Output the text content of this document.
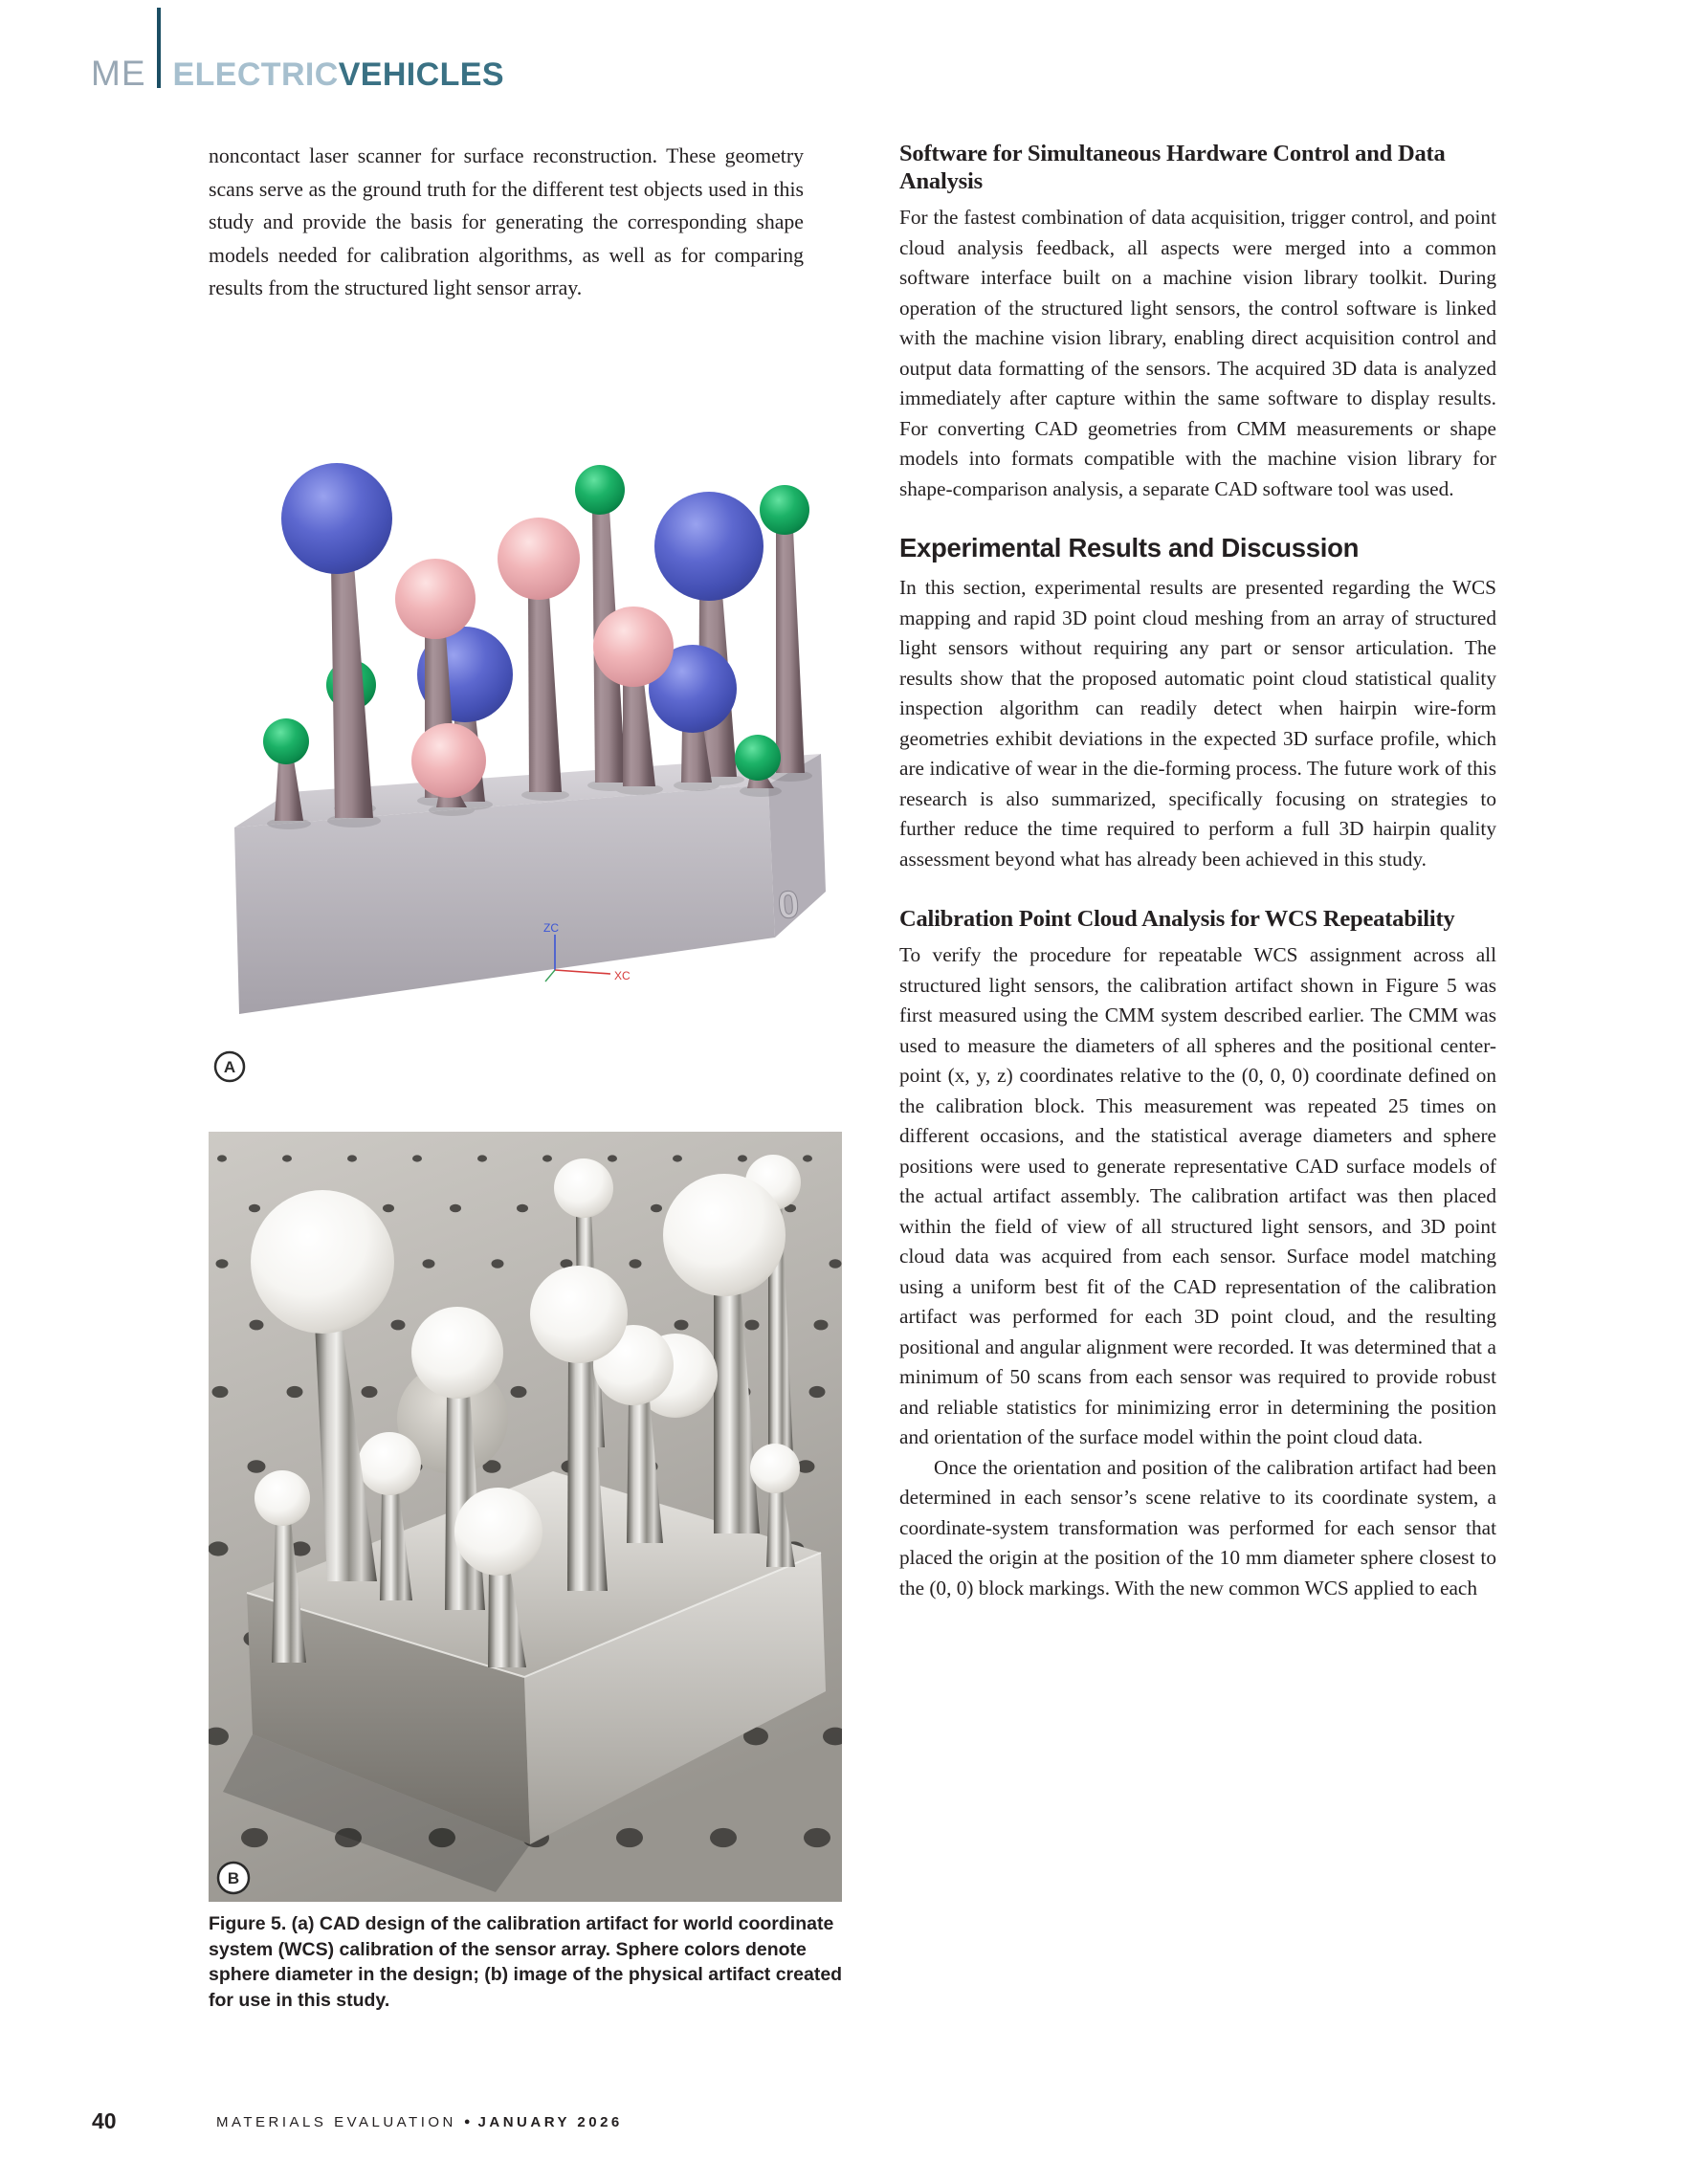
ME ELECTRICVEHICLES

noncontact laser scanner for surface reconstruction. These geometry scans serve as the ground truth for the different test objects used in this study and provide the basis for generating the corresponding shape models needed for calibration algorithms, as well as for comparing results from the structured light sensor array.

ZC
XC
0
A
B
Figure 5. (a) CAD design of the calibration artifact for world coordinate system (WCS) calibration of the sensor array. Sphere colors denote sphere diameter in the design; (b) image of the physical artifact created for use in this study.
Software for Simultaneous Hardware Control and Data Analysis

For the fastest combination of data acquisition, trigger control, and point cloud analysis feedback, all aspects were merged into a common software interface built on a machine vision library toolkit. During operation of the structured light sensors, the control software is linked with the machine vision library, enabling direct acquisition control and output data formatting of the sensors. The acquired 3D data is analyzed immediately after capture within the same software to display results. For converting CAD geometries from CMM measurements or shape models into formats compatible with the machine vision library for shape-comparison analysis, a separate CAD software tool was used.

Experimental Results and Discussion

In this section, experimental results are presented regarding the WCS mapping and rapid 3D point cloud meshing from an array of structured light sensors without requiring any part or sensor articulation. The results show that the proposed automatic point cloud statistical quality inspection algorithm can readily detect when hairpin wire-form geometries exhibit deviations in the expected 3D surface profile, which are indicative of wear in the die-forming process. The future work of this research is also summarized, specifically focusing on strategies to further reduce the time required to perform a full 3D hairpin quality assessment beyond what has already been achieved in this study.

Calibration Point Cloud Analysis for WCS Repeatability

To verify the procedure for repeatable WCS assignment across all structured light sensors, the calibration artifact shown in Figure 5 was first measured using the CMM system described earlier. The CMM was used to measure the diameters of all spheres and the positional center-point (x, y, z) coordinates relative to the (0, 0, 0) coordinate defined on the calibration block. This measurement was repeated 25 times on different occasions, and the statistical average diameters and sphere positions were used to generate representative CAD surface models of the actual artifact assembly. The calibration artifact was then placed within the field of view of all structured light sensors, and 3D point cloud data was acquired from each sensor. Surface model matching using a uniform best fit of the CAD representation of the calibration artifact was performed for each 3D point cloud, and the resulting positional and angular alignment were recorded. It was determined that a minimum of 50 scans from each sensor was required to provide robust and reliable statistics for minimizing error in determining the position and orientation of the surface model within the point cloud data.

Once the orientation and position of the calibration artifact had been determined in each sensor’s scene relative to its coordinate system, a coordinate-system transformation was performed for each sensor that placed the origin at the position of the 10 mm diameter sphere closest to the (0, 0) block markings. With the new common WCS applied to each

40	MATERIALS EVALUATION ● JANUARY 2026
